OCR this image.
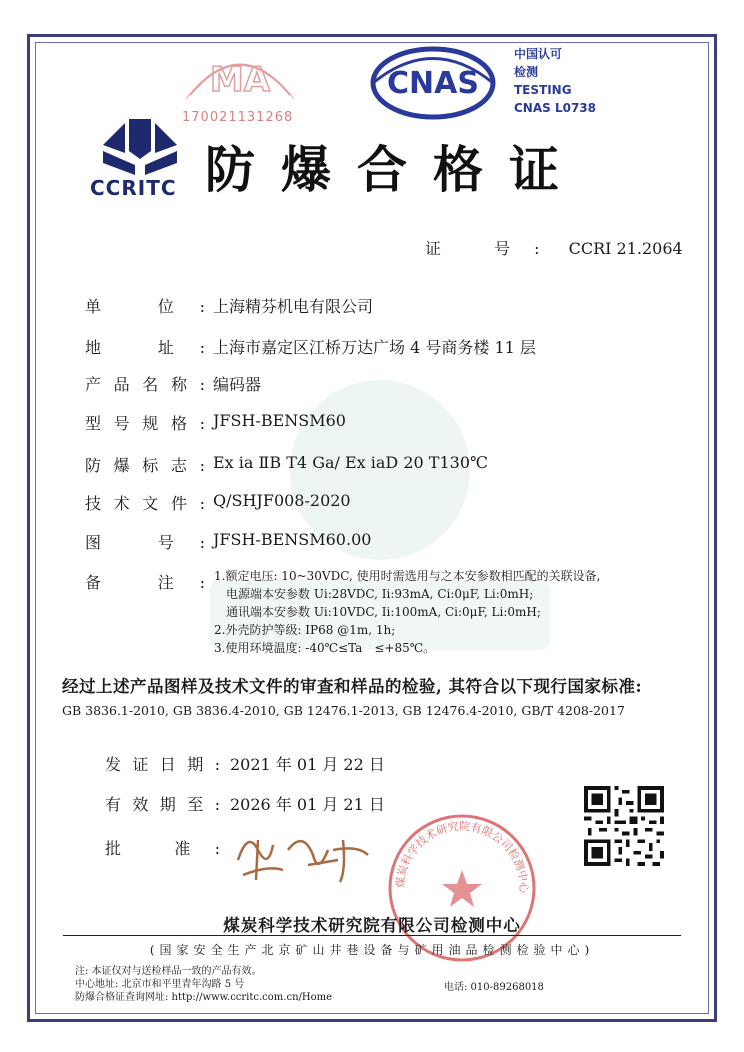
MA
170021131268
CNAS
中国认可
检测
TESTING
CNAS L0738
CCRITC 防爆合格证
证 号: CCRI 21.2064
单 位: 上海精芬机电有限公司
地 址: 上海市嘉定区江桥万达广场 4 号商务楼 11 层
产品名称: 编码器
型号规格: JFSH-BENSM60
防爆标志: Ex ia ⅡB T4 Ga/ Ex iaD 20 T130℃
技术文件: Q/SHJF008-2020
图 号: JFSH-BENSM60.00
备 注: 1.额定电压: 10~30VDC, 使用时需选用与之本安参数相匹配的关联设备,
　电源端本安参数 Ui:28VDC, Ii:93mA, Ci:0μF, Li:0mH;
　通讯端本安参数 Ui:10VDC, Ii:100mA, Ci:0μF, Li:0mH;
2.外壳防护等级: IP68 @1m, 1h;
3.使用环境温度: -40℃≤Ta　≤+85℃。
经过上述产品图样及技术文件的审查和样品的检验, 其符合以下现行国家标准:
GB 3836.1-2010, GB 3836.4-2010, GB 12476.1-2013, GB 12476.4-2010, GB/T 4208-2017
发证日期: 2021 年 01 月 22 日
有效期至: 2026 年 01 月 21 日
批 准:
煤炭科学技术研究院有限公司检测中心
煤炭科学技术研究院有限公司检测中心
(国家安全生产北京矿山井巷设备与矿用油品检测检验中心)
注: 本证仅对与送检样品一致的产品有效。
中心地址: 北京市和平里青年沟路 5 号
防爆合格证查询网址: http://www.ccritc.com.cn/Home
电话: 010-89268018
